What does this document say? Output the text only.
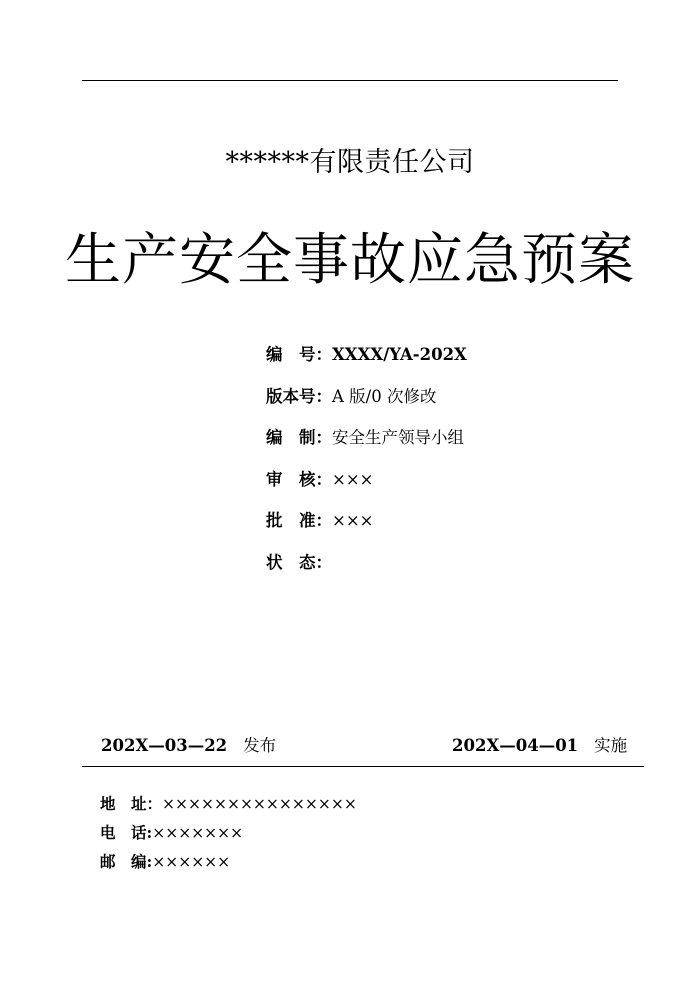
******有限责任公司
生产安全事故应急预案
编　号：XXXX/YA-202X
版本号：A 版/0 次修改
编　制：安全生产领导小组
审　核：×××
批　准：×××
状　态：
202X—03—22 发布	202X—04—01 实施
地　址：×××××××××××××××
电　话:×××××××
邮　编:××××××
